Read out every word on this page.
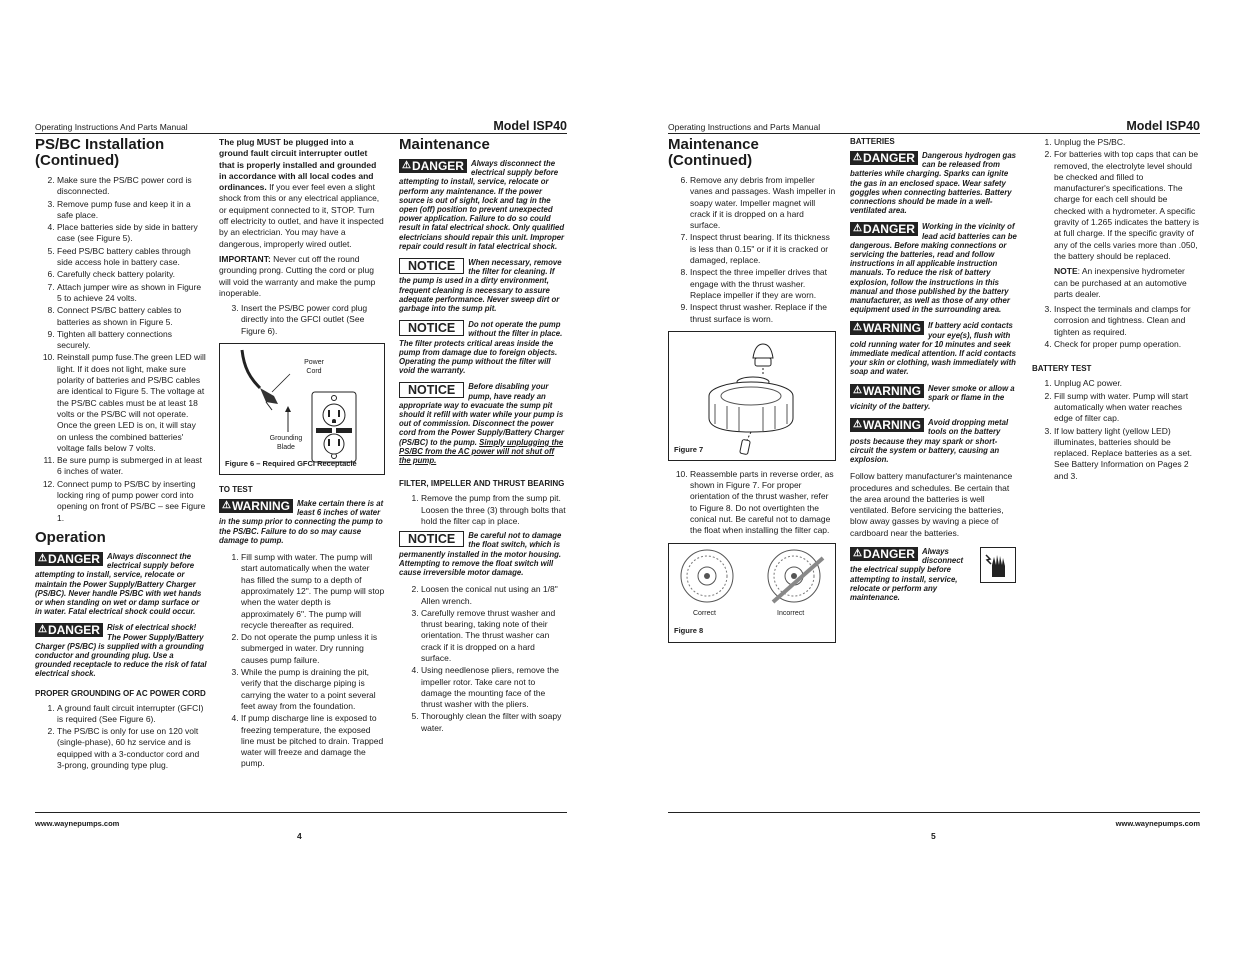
Operating Instructions And Parts Manual	Model ISP40
PS/BC Installation (Continued)
2. Make sure the PS/BC power cord is disconnected.
3. Remove pump fuse and keep it in a safe place.
4. Place batteries side by side in battery case (see Figure 5).
5. Feed PS/BC battery cables through side access hole in battery case.
6. Carefully check battery polarity.
7. Attach jumper wire as shown in Figure 5 to achieve 24 volts.
8. Connect PS/BC battery cables to batteries as shown in Figure 5.
9. Tighten all battery connections securely.
10. Reinstall pump fuse.The green LED will light. If it does not light, make sure polarity of batteries and PS/BC cables are identical to Figure 5. The voltage at the PS/BC cables must be at least 18 volts or the PS/BC will not operate. Once the green LED is on, it will stay on unless the combined batteries' voltage falls below 7 volts.
11. Be sure pump is submerged in at least 6 inches of water.
12. Connect pump to PS/BC by inserting locking ring of pump power cord into opening on front of PS/BC – see Figure 1.
Operation
⚠ DANGER Always disconnect the electrical supply before attempting to install, service, relocate or maintain the Power Supply/Battery Charger (PS/BC). Never handle PS/BC with wet hands or when standing on wet or damp surface or in water. Fatal electrical shock could occur.
⚠ DANGER Risk of electrical shock! The Power Supply/Battery Charger (PS/BC) is supplied with a grounding conductor and grounding plug. Use a grounded receptacle to reduce the risk of fatal electrical shock.
PROPER GROUNDING OF AC POWER CORD
1. A ground fault circuit interrupter (GFCI) is required (See Figure 6).
2. The PS/BC is only for use on 120 volt (single-phase), 60 hz service and is equipped with a 3-conductor cord and 3-prong, grounding type plug.

The plug MUST be plugged into a ground fault circuit interrupter outlet that is properly installed and grounded in accordance with all local codes and ordinances. If you ever feel even a slight shock from this or any electrical appliance, or equipment connected to it, STOP. Turn off electricity to outlet, and have it inspected by an electrician. You may have a dangerous, improperly wired outlet.

IMPORTANT: Never cut off the round grounding prong. Cutting the cord or plug will void the warranty and make the pump inoperable.

3. Insert the PS/BC power cord plug directly into the GFCI outlet (See Figure 6).
Power Cord
Grounding Blade
Figure 6 – Required GFCI Receptacle
TO TEST
⚠ WARNING Make certain there is at least 6 inches of water in the sump prior to connecting the pump to the PS/BC. Failure to do so may cause damage to pump.
1. Fill sump with water. The pump will start automatically when the water has filled the sump to a depth of approximately 12". The pump will stop when the water depth is approximately 6". The pump will recycle thereafter as required.
2. Do not operate the pump unless it is submerged in water. Dry running causes pump failure.
3. While the pump is draining the pit, verify that the discharge piping is carrying the water to a point several feet away from the foundation.
4. If pump discharge line is exposed to freezing temperature, the exposed line must be pitched to drain. Trapped water will freeze and damage the pump.
Maintenance
⚠ DANGER Always disconnect the electrical supply before attempting to install, service, relocate or perform any maintenance. If the power source is out of sight, lock and tag in the open (off) position to prevent unexpected power application. Failure to do so could result in fatal electrical shock. Only qualified electricians should repair this unit. Improper repair could result in fatal electrical shock.
NOTICE	When necessary, remove the filter for cleaning. If the pump is used in a dirty environment, frequent cleaning is necessary to assure adequate performance. Never sweep dirt or garbage into the sump pit.
NOTICE	Do not operate the pump without the filter in place. The filter protects critical areas inside the pump from damage due to foreign objects. Operating the pump without the filter will void the warranty.
NOTICE	Before disabling your pump, have ready an appropriate way to evacuate the sump pit should it refill with water while your pump is out of commission. Disconnect the power cord from the Power Supply/Battery Charger (PS/BC) to the pump. Simply unplugging the PS/BC from the AC power will not shut off the pump.
FILTER, IMPELLER AND THRUST BEARING
1. Remove the pump from the sump pit. Loosen the three (3) through bolts that hold the filter cap in place.
NOTICE	Be careful not to damage the float switch, which is permanently installed in the motor housing. Attempting to remove the float switch will cause irreversible motor damage.
2. Loosen the conical nut using an 1/8" Allen wrench.
3. Carefully remove thrust washer and thrust bearing, taking note of their orientation. The thrust washer can crack if it is dropped on a hard surface.
4. Using needlenose pliers, remove the impeller rotor. Take care not to damage the mounting face of the thrust washer with the pliers.
5. Thoroughly clean the filter with soapy water.
www.waynepumps.com
4
Operating Instructions and Parts Manual	Model ISP40
Maintenance (Continued)
6. Remove any debris from impeller vanes and passages. Wash impeller in soapy water. Impeller magnet will crack if it is dropped on a hard surface.
7. Inspect thrust bearing. If its thickness is less than 0.15" or if it is cracked or damaged, replace.
8. Inspect the three impeller drives that engage with the thrust washer. Replace impeller if they are worn.
9. Inspect thrust washer. Replace if the thrust surface is worn.
Figure 7
10. Reassemble parts in reverse order, as shown in Figure 7. For proper orientation of the thrust washer, refer to Figure 8. Do not overtighten the conical nut. Be careful not to damage the float when installing the filter cap.
Correct	Incorrect
Figure 8
BATTERIES
⚠ DANGER Dangerous hydrogen gas can be released from batteries while charging. Sparks can ignite the gas in an enclosed space. Wear safety goggles when connecting batteries. Battery connections should be made in a well-ventilated area.
⚠ DANGER Working in the vicinity of lead acid batteries can be dangerous. Before making connections or servicing the batteries, read and follow instructions in all applicable instruction manuals. To reduce the risk of battery explosion, follow the instructions in this manual and those published by the battery manufacturer, as well as those of any other equipment used in the surrounding area.
⚠ WARNING If battery acid contacts your eye(s), flush with cold running water for 10 minutes and seek immediate medical attention. If acid contacts your skin or clothing, wash immediately with soap and water.
⚠ WARNING Never smoke or allow a spark or flame in the vicinity of the battery.
⚠ WARNING Avoid dropping metal tools on the battery posts because they may spark or short-circuit the system or battery, causing an explosion.

Follow battery manufacturer's maintenance procedures and schedules. Be certain that the area around the batteries is well ventilated. Before servicing the batteries, blow away gasses by waving a piece of cardboard near the batteries.

⚠ DANGER Always disconnect the electrical supply before attempting to install, service, relocate or perform any maintenance.
1. Unplug the PS/BC.
2. For batteries with top caps that can be removed, the electrolyte level should be checked and filled to manufacturer's specifications. The charge for each cell should be checked with a hydrometer. A specific gravity of 1.265 indicates the battery is at full charge. If the specific gravity of any of the cells varies more than .050, the battery should be replaced.

NOTE: An inexpensive hydrometer can be purchased at an automotive parts dealer.

3. Inspect the terminals and clamps for corrosion and tightness. Clean and tighten as required.
4. Check for proper pump operation.
BATTERY TEST
1. Unplug AC power.
2. Fill sump with water. Pump will start automatically when water reaches edge of filter cap.
3. If low battery light (yellow LED) illuminates, batteries should be replaced. Replace batteries as a set. See Battery Information on Pages 2 and 3.
www.waynepumps.com
5
